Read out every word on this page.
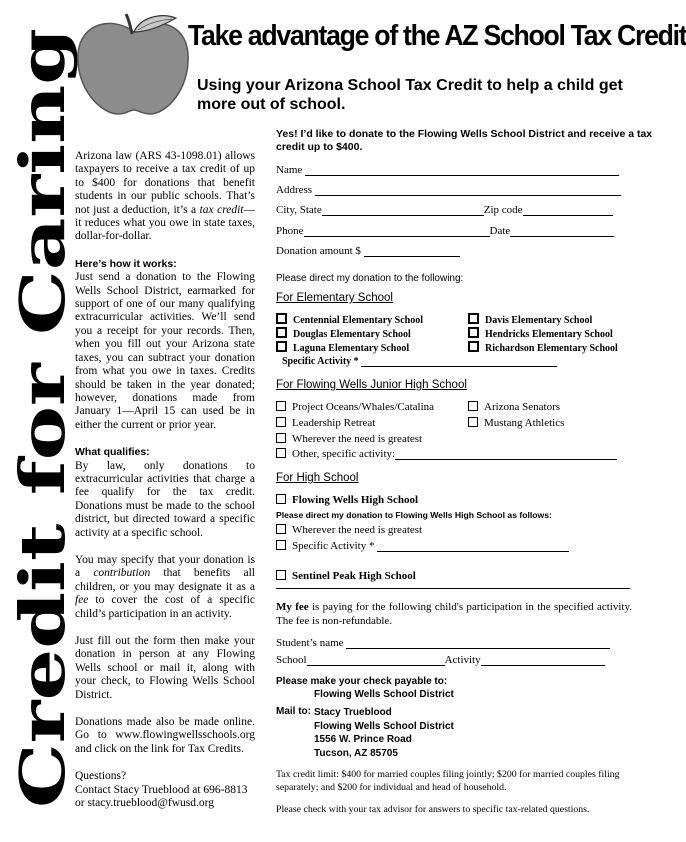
Credit for Caring
Take advantage of the AZ School Tax Credit
Using your Arizona School Tax Credit to help a child get more out of school.

Arizona law (ARS 43-1098.01) allows taxpayers to receive a tax credit of up to $400 for donations that benefit students in our public schools. That’s not just a deduction, it’s a tax credit—it reduces what you owe in state taxes, dollar-for-dollar.

Here’s how it works:
Just send a donation to the Flowing Wells School District, earmarked for support of one of our many qualifying extracurricular activities. We’ll send you a receipt for your records. Then, when you fill out your Arizona state taxes, you can subtract your donation from what you owe in taxes. Credits should be taken in the year donated; however, donations made from January 1—April 15 can used be in either the current or prior year.

What qualifies:
By law, only donations to extracurricular activities that charge a fee qualify for the tax credit. Donations must be made to the school district, but directed toward a specific activity at a specific school.

You may specify that your donation is a contribution that benefits all children, or you may designate it as a fee to cover the cost of a specific child’s participation in an activity.

Just fill out the form then make your donation in person at any Flowing Wells school or mail it, along with your check, to Flowing Wells School District.

Donations made also be made online. Go to www.flowingwellsschools.org and click on the link for Tax Credits.

Questions?
Contact Stacy Trueblood at 696-8813
or stacy.trueblood@fwusd.org

Yes! I’d like to donate to the Flowing Wells School District and receive a tax
credit up to $400.
Name
Address
City, State	Zip code
Phone	Date
Donation amount $
Please direct my donation to the following:
For Elementary School
Centennial Elementary School	Davis Elementary School
Douglas Elementary School	Hendricks Elementary School
Laguna Elementary School	Richardson Elementary School
Specific Activity *
For Flowing Wells Junior High School
Project Oceans/Whales/Catalina	Arizona Senators
Leadership Retreat	Mustang Athletics
Wherever the need is greatest
Other, specific activity:
For High School
Flowing Wells High School
Please direct my donation to Flowing Wells High School as follows:
Wherever the need is greatest
Specific Activity *
Sentinel Peak High School
My fee is paying for the following child's participation in the specified activity. The fee is non-refundable.
Student’s name
School	Activity
Please make your check payable to:
Flowing Wells School District
Mail to: Stacy Trueblood
Flowing Wells School District
1556 W. Prince Road
Tucson, AZ 85705
Tax credit limit: $400 for married couples filing jointly; $200 for married couples filing separately; and $200 for individual and head of household.
Please check with your tax advisor for answers to specific tax-related questions.
